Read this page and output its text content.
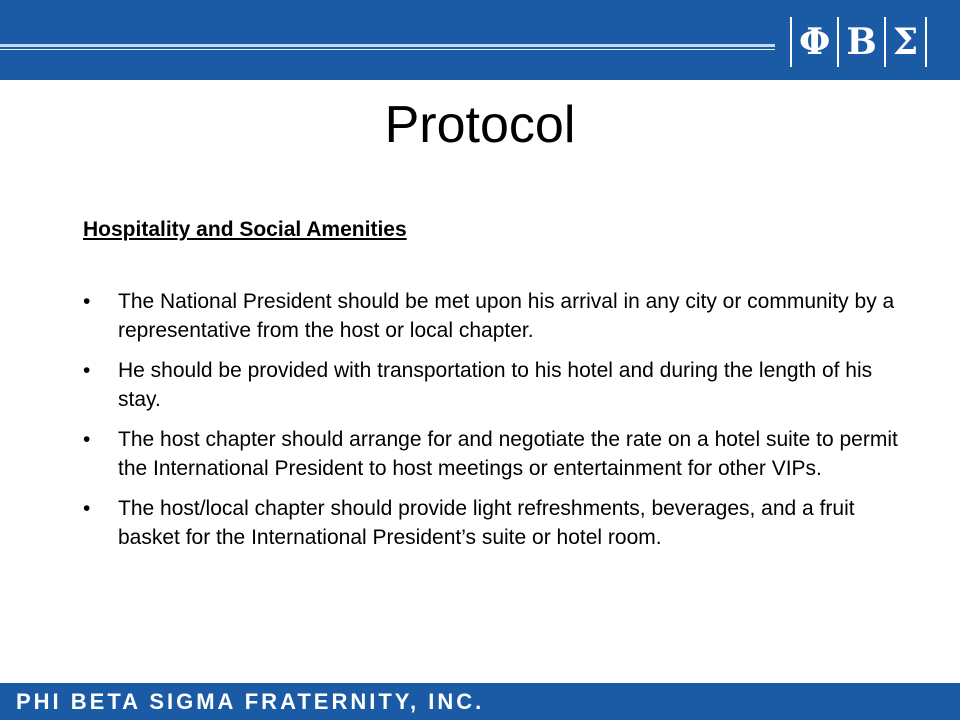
Φ Β Σ
Protocol
Hospitality and Social Amenities
•	The National President should be met upon his arrival in any city or community by a representative from the host or local chapter.
•	He should be provided with transportation to his hotel and during the length of his stay.
•	The host chapter should arrange for and negotiate the rate on a hotel suite to permit the International President to host meetings or entertainment for other VIPs.
•	The host/local chapter should provide light refreshments, beverages, and a fruit basket for the International President’s suite or hotel room.
PHI BETA SIGMA FRATERNITY, INC.
